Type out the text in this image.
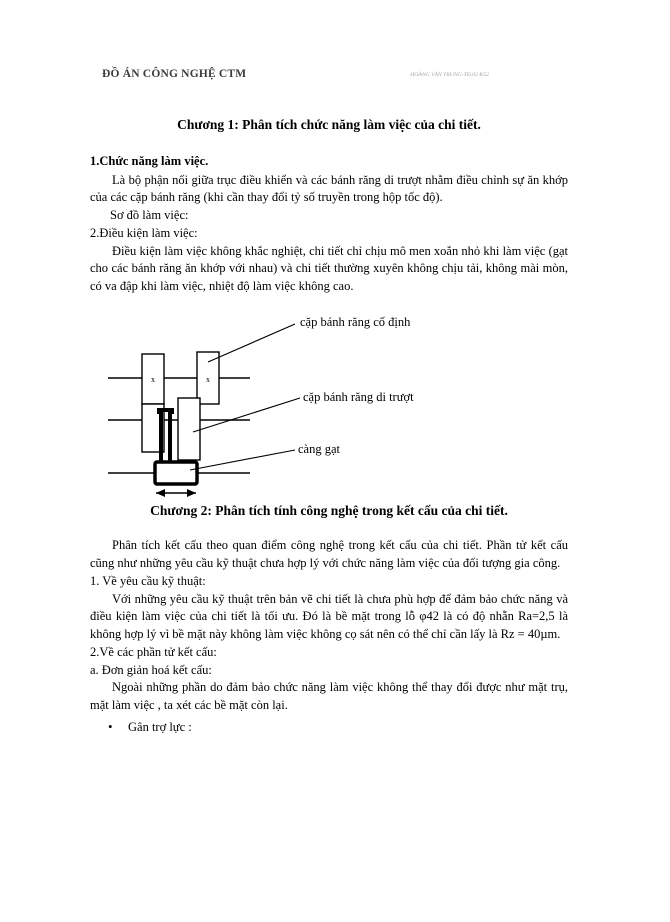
ĐỒ ÁN CÔNG NGHỆ CTM	HOÀNG VĂN TRUNG-TĐ.02-K52
Chương 1: Phân tích chức năng làm việc của chi tiết.
1.Chức năng làm việc.

Là bộ phận nối giữa trục điều khiển và các bánh răng di trượt nhằm điều chỉnh sự ăn khớp của các cặp bánh răng (khi cần thay đổi tỷ số truyền trong hộp tốc độ).

Sơ đồ làm việc:
2.Điều kiện làm việc:

Điều kiện làm việc không khắc nghiệt, chi tiết chỉ chịu mô men xoắn nhỏ khi làm việc (gạt cho các bánh răng ăn khớp với nhau) và chi tiết thường xuyên không chịu tải, không mài mòn, có va đập khi làm việc, nhiệt độ làm việc không cao.

x	x
cặp bánh răng cố định
cặp bánh răng di trượt
càng gạt
Chương 2: Phân tích tính công nghệ trong kết cấu của chi tiết.

Phân tích kết cấu theo quan điểm công nghệ trong kết cấu của chi tiết. Phần tử kết cấu cũng như những yêu cầu kỹ thuật chưa hợp lý với chức năng làm việc của đối tượng gia công.

1. Về yêu cầu kỹ thuật:

Với những yêu cầu kỹ thuật trên bản vẽ chi tiết là chưa phù hợp để đảm bảo chức năng và điều kiện làm việc của chi tiết là tối ưu. Đó là bề mặt trong lỗ φ42 là có độ nhẵn Ra=2,5 là không hợp lý vì bề mặt này không làm việc không cọ sát nên có thể chỉ cần lấy là Rz = 40µm.

2.Về các phần tử kết cấu:
a. Đơn giản hoá kết cấu:

Ngoài những phần do đảm bảo chức năng làm việc không thể thay đổi được như mặt trụ, mặt làm việc , ta xét các bề mặt còn lại.

• Gân trợ lực :
